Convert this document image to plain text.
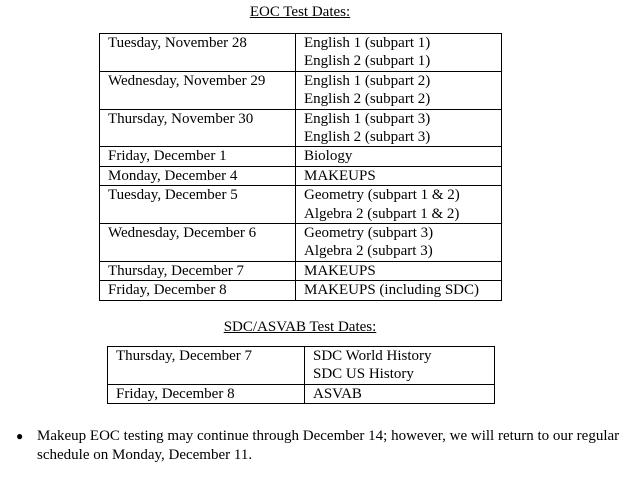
EOC Test Dates:
Tuesday, November 28	English 1 (subpart 1)
English 2 (subpart 1)

Wednesday, November 29	English 1 (subpart 2)
English 2 (subpart 2)

Thursday, November 30	English 1 (subpart 3)
English 2 (subpart 3)

Friday, December 1	Biology

Monday, December 4	MAKEUPS

Tuesday, December 5	Geometry (subpart 1 & 2)
Algebra 2 (subpart 1 & 2)

Wednesday, December 6	Geometry (subpart 3)
Algebra 2 (subpart 3)

Thursday, December 7	MAKEUPS

Friday, December 8	MAKEUPS (including SDC)
SDC/ASVAB Test Dates:
Thursday, December 7	SDC World History
SDC US History

Friday, December 8	ASVAB
● Makeup EOC testing may continue through December 14; however, we will return to our regular schedule on Monday, December 11.
